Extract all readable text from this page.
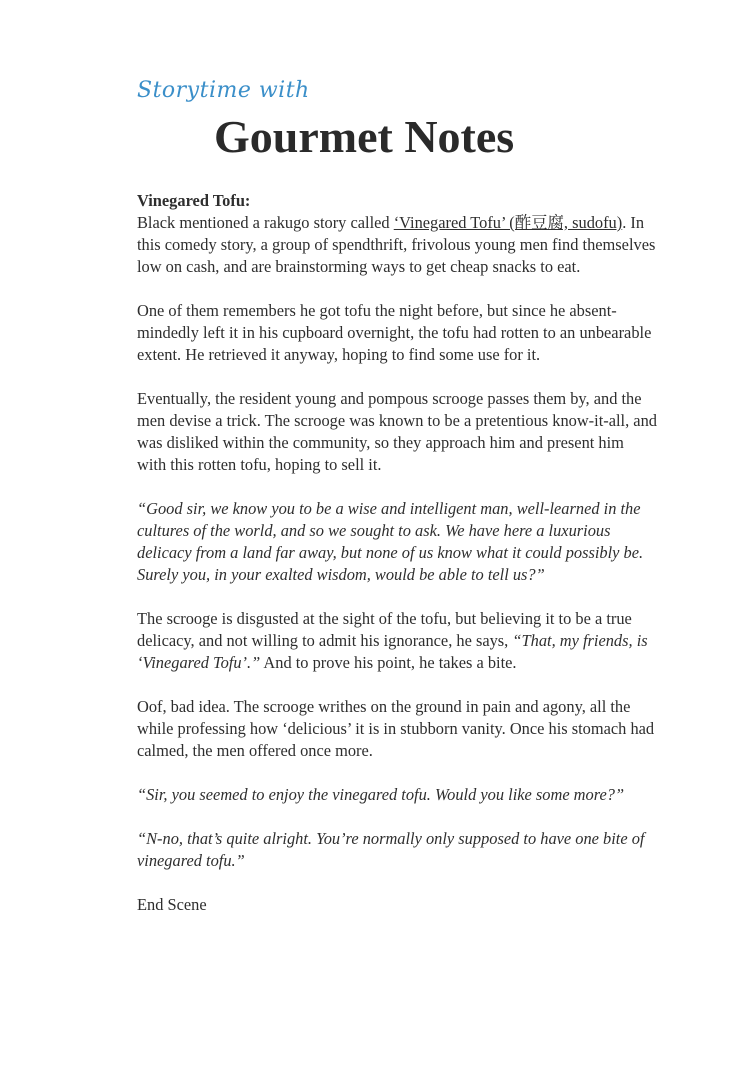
Storytime with
Gourmet Notes

Vinegared Tofu:
Black mentioned a rakugo story called ‘Vinegared Tofu’ (酢豆腐, sudofu). In this comedy story, a group of spendthrift, frivolous young men find themselves low on cash, and are brainstorming ways to get cheap snacks to eat.

One of them remembers he got tofu the night before, but since he absent-mindedly left it in his cupboard overnight, the tofu had rotten to an unbearable extent. He retrieved it anyway, hoping to find some use for it.

Eventually, the resident young and pompous scrooge passes them by, and the men devise a trick. The scrooge was known to be a pretentious know-it-all, and was disliked within the community, so they approach him and present him with this rotten tofu, hoping to sell it.

“Good sir, we know you to be a wise and intelligent man, well-learned in the cultures of the world, and so we sought to ask. We have here a luxurious delicacy from a land far away, but none of us know what it could possibly be. Surely you, in your exalted wisdom, would be able to tell us?”

The scrooge is disgusted at the sight of the tofu, but believing it to be a true delicacy, and not willing to admit his ignorance, he says, “That, my friends, is ‘Vinegared Tofu’.” And to prove his point, he takes a bite.

Oof, bad idea. The scrooge writhes on the ground in pain and agony, all the while professing how ‘delicious’ it is in stubborn vanity. Once his stomach had calmed, the men offered once more.

“Sir, you seemed to enjoy the vinegared tofu. Would you like some more?”

“N-no, that’s quite alright. You’re normally only supposed to have one bite of vinegared tofu.”

End Scene
